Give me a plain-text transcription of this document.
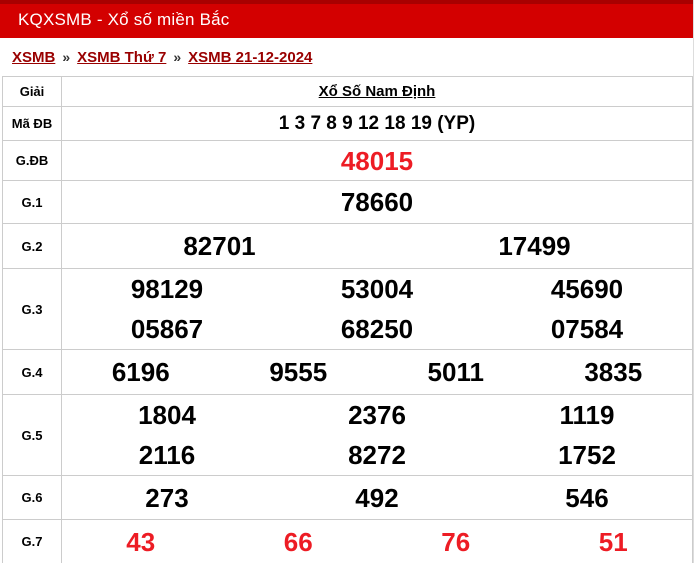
KQXSMB - Xổ số miền Bắc
XSMB » XSMB Thứ 7 » XSMB 21-12-2024
Giải	Xổ Số Nam Định
Mã ĐB	1 3 7 8 9 12 18 19 (YP)
G.ĐB	48015
G.1	78660
G.2	82701	17499
G.3
98129	53004	45690
05867	68250	07584
G.4	6196	9555	5011	3835
G.5
1804	2376	1119
2116	8272	1752
G.6	273	492	546
G.7	43	66	76	51
